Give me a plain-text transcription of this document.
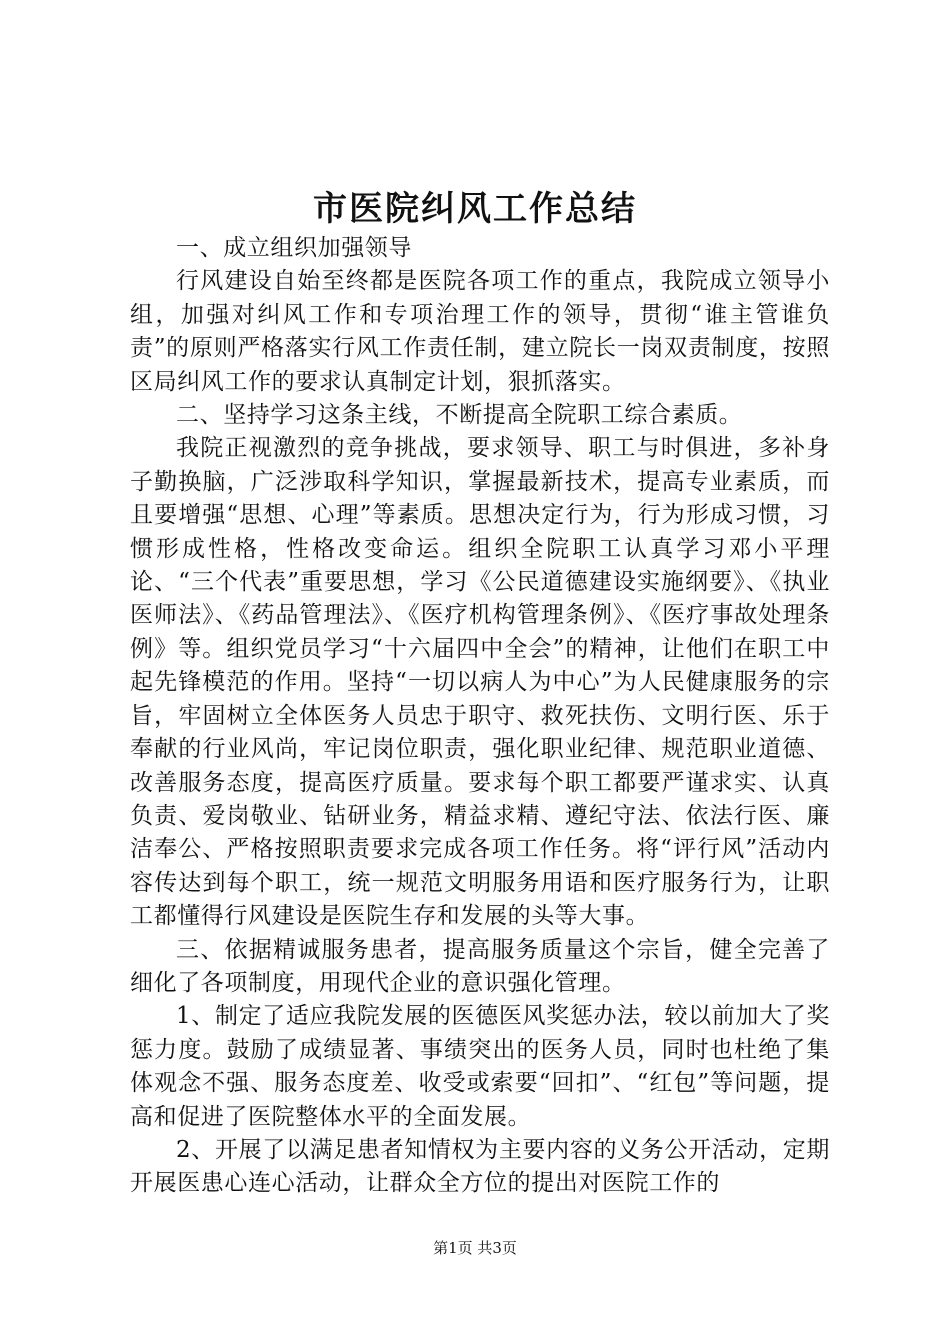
市医院纠风工作总结

一、成立组织加强领导

行风建设自始至终都是医院各项工作的重点，我院成立领导小组，加强对纠风工作和专项治理工作的领导，贯彻“谁主管谁负责”的原则严格落实行风工作责任制，建立院长一岗双责制度，按照区局纠风工作的要求认真制定计划，狠抓落实。

二、坚持学习这条主线，不断提高全院职工综合素质。

我院正视激烈的竞争挑战，要求领导、职工与时俱进，多补身子勤换脑，广泛涉取科学知识，掌握最新技术，提高专业素质，而且要增强“思想、心理”等素质。思想决定行为，行为形成习惯，习惯形成性格，性格改变命运。组织全院职工认真学习邓小平理论、“三个代表”重要思想，学习《公民道德建设实施纲要》、《执业医师法》、《药品管理法》、《医疗机构管理条例》、《医疗事故处理条例》等。组织党员学习“十六届四中全会”的精神，让他们在职工中起先锋模范的作用。坚持“一切以病人为中心”为人民健康服务的宗旨，牢固树立全体医务人员忠于职守、救死扶伤、文明行医、乐于奉献的行业风尚，牢记岗位职责，强化职业纪律、规范职业道德、改善服务态度，提高医疗质量。要求每个职工都要严谨求实、认真负责、爱岗敬业、钻研业务，精益求精、遵纪守法、依法行医、廉洁奉公、严格按照职责要求完成各项工作任务。将“评行风”活动内容传达到每个职工，统一规范文明服务用语和医疗服务行为，让职工都懂得行风建设是医院生存和发展的头等大事。

三、依据精诚服务患者，提高服务质量这个宗旨，健全完善了细化了各项制度，用现代企业的意识强化管理。

1、制定了适应我院发展的医德医风奖惩办法，较以前加大了奖惩力度。鼓励了成绩显著、事绩突出的医务人员，同时也杜绝了集体观念不强、服务态度差、收受或索要“回扣”、“红包”等问题，提高和促进了医院整体水平的全面发展。

2、开展了以满足患者知情权为主要内容的义务公开活动，定期开展医患心连心活动，让群众全方位的提出对医院工作的

第1页 共3页
